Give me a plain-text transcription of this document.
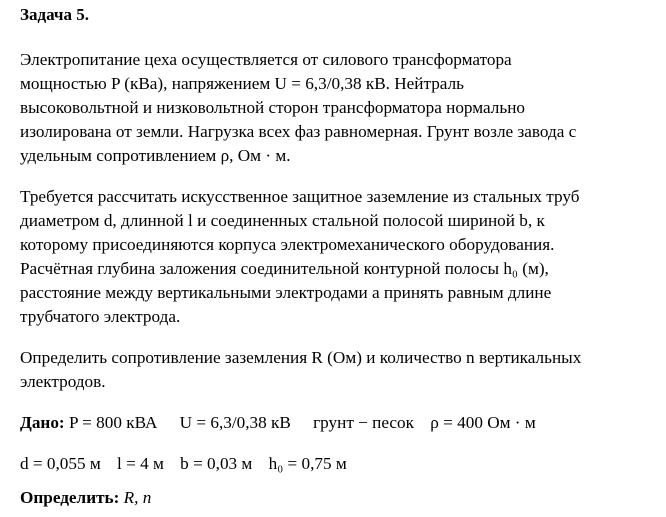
Задача 5.
Электропитание цеха осуществляется от силового трансформатора
мощностью P (кВа), напряжением U = 6,3/0,38 кВ. Нейтраль
высоковольтной и низковольтной сторон трансформатора нормально
изолирована от земли. Нагрузка всех фаз равномерная. Грунт возле завода с
удельным сопротивлением ρ, Ом · м.
Требуется рассчитать искусственное защитное заземление из стальных труб
диаметром d, длинной l и соединенных стальной полосой шириной b, к
которому присоединяются корпуса электромеханического оборудования.
Расчётная глубина заложения соединительной контурной полосы h₀ (м),
расстояние между вертикальными электродами a принять равным длине
трубчатого электрода.
Определить сопротивление заземления R (Ом) и количество n вертикальных
электродов.
Дано: P = 800 кВА U = 6,3/0,38 кВ грунт − песок ρ = 400 Ом · м
d = 0,055 м l = 4 м b = 0,03 м h₀ = 0,75 м
Определить: R, n
